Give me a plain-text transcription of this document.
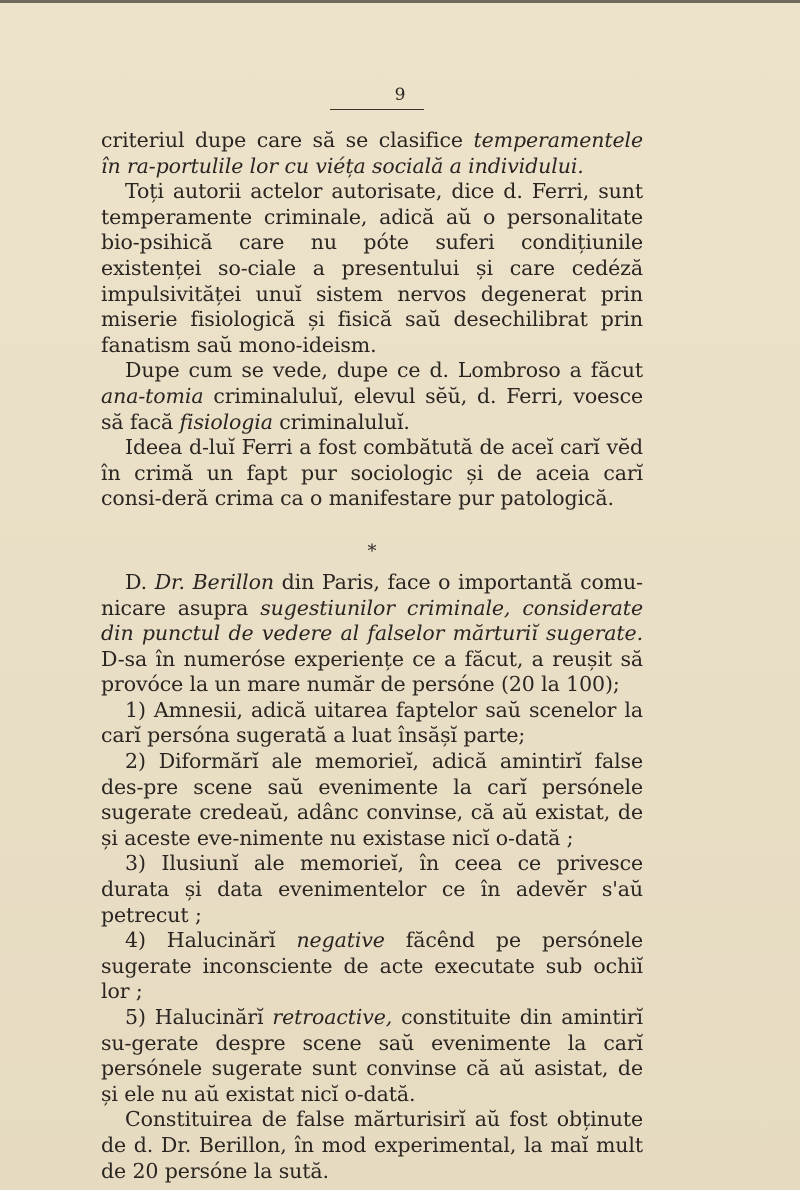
9

criteriul dupe care să se clasifice temperamentele în ra-portulile lor cu viéța socială a individului.

Toți autorii actelor autorisate, dice d. Ferri, sunt temperamente criminale, adică aŭ o personalitate bio-psihică care nu póte suferi condițiunile existenței so-ciale a presentului și care cedéză impulsivităței unuĭ sistem nervos degenerat prin miserie fisiologică și fisică saŭ desechilibrat prin fanatism saŭ mono-ideism.

Dupe cum se vede, dupe ce d. Lombroso a făcut ana-tomia criminaluluĭ, elevul sĕŭ, d. Ferri, voesce să facă fisiologia criminaluluĭ.

Ideea d-luĭ Ferri a fost combătută de aceĭ carĭ vĕd în crimă un fapt pur sociologic și de aceia carĭ consi-deră crima ca o manifestare pur patologică.

*

D. Dr. Berillon din Paris, face o importantă comu-nicare asupra sugestiunilor criminale, considerate din punctul de vedere al falselor mărturiĭ sugerate. D-sa în numerόse experiențe ce a făcut, a reușit să provóce la un mare număr de persóne (20 la 100);

1) Amnesii, adică uitarea faptelor saŭ scenelor la carĭ persóna sugerată a luat însășĭ parte;

2) Diformărĭ ale memorieĭ, adică amintirĭ false des-pre scene saŭ evenimente la carĭ persónele sugerate credeaŭ, adânc convinse, că aŭ existat, de și aceste eve-nimente nu existase nicĭ o-dată ;

3) Ilusiunĭ ale memorieĭ, în ceea ce privesce durata și data evenimentelor ce în adevĕr s'aŭ petrecut ;

4) Halucinărĭ negative făcênd pe persónele sugerate inconsciente de acte executate sub ochiĭ lor ;

5) Halucinărĭ retroactive, constituite din amintirĭ su-gerate despre scene saŭ evenimente la carĭ persónele sugerate sunt convinse că aŭ asistat, de și ele nu aŭ existat nicĭ o-dată.

Constituirea de false mărturisirĭ aŭ fost obținute de d. Dr. Berillon, în mod experimental, la maĭ mult de 20 persóne la sută.
